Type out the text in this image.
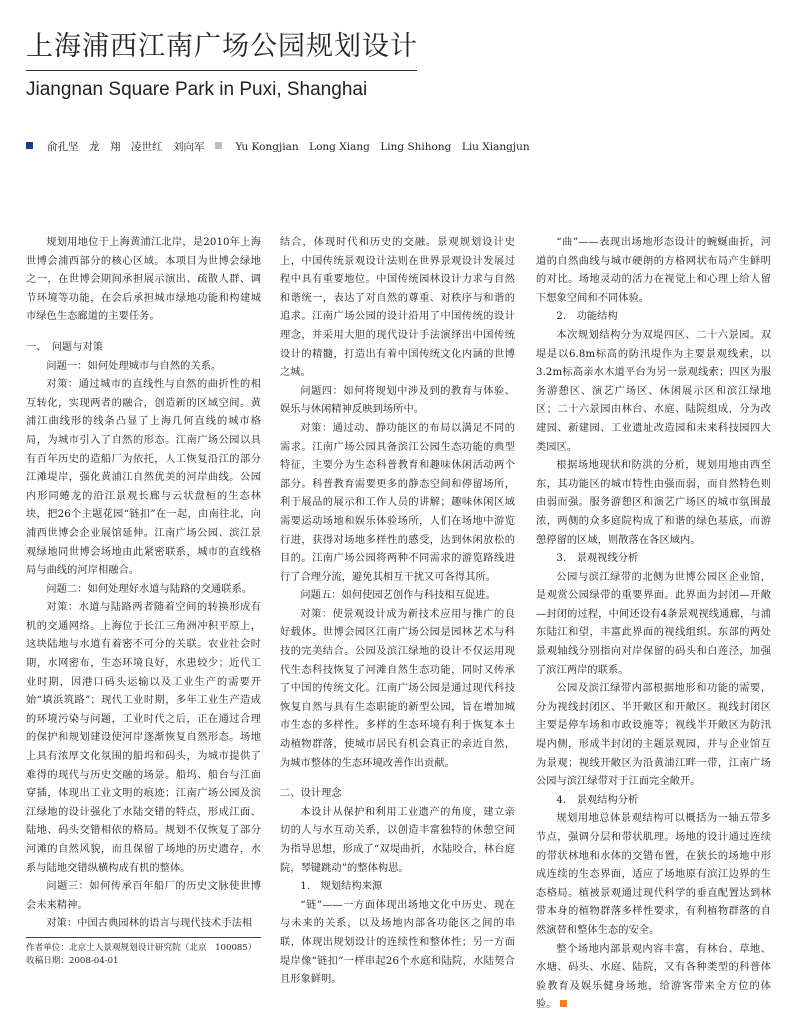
上海浦西江南广场公园规划设计
Jiangnan Square Park in Puxi, Shanghai
俞孔坚　龙　翔　凌世红　刘向军	Yu Kongjian　Long Xiang　Ling Shihong　Liu Xiangjun

规划用地位于上海黄浦江北岸，是2010年上海世博会浦西部分的核心区域。本项目为世博会绿地之一，在世博会期间承担展示演出、疏散人群、调节环境等功能，在会后承担城市绿地功能和构建城市绿色生态廊道的主要任务。

一、　问题与对策

问题一：如何处理城市与自然的关系。

对策：通过城市的直线性与自然的曲折性的相互转化，实现两者的融合，创造新的区域空间。黄浦江曲线形的线条凸显了上海几何直线的城市格局，为城市引入了自然的形态。江南广场公园以具有百年历史的造船厂为依托，人工恢复沿江的部分江滩堤岸，强化黄浦江自然优美的河岸曲线。公园内形同蜷龙的沿江景观长廊与云状盘桓的生态林块，把26个主题花园“链扣”在一起，由南往北，向浦西世博会企业展馆延伸。江南广场公园、滨江景观绿地同世博会场地由此紧密联系，城市的直线格局与曲线的河岸相融合。

问题二：如何处理好水道与陆路的交通联系。

对策：水道与陆路两者随着空间的转换形成有机的交通网络。上海位于长江三角洲冲积平原上，这块陆地与水道有着密不可分的关联。农业社会时期，水网密布，生态环境良好，水患较少；近代工业时期，因港口码头运输以及工业生产的需要开始“填浜筑路”；现代工业时期，多年工业生产造成的环境污染与问题，工业时代之后，正在通过合理的保护和规划建设使河岸逐渐恢复自然形态。场地上具有浓厚文化氛围的船坞和码头，为城市提供了难得的现代与历史交融的场景。船坞、船台与江面穿插，体现出工业文明的痕迹；江南广场公园及滨江绿地的设计强化了水陆交错的特点，形成江面、陆地、码头交错相依的格局。规划不仅恢复了部分河滩的自然风貌，而且保留了场地的历史遗存，水系与陆地交错纵横构成有机的整体。

问题三：如何传承百年船厂的历史文脉使世博会未来精神。

对策：中国古典园林的语言与现代技术手法相

结合，体现时代和历史的交融。景观规划设计史上，中国传统景观设计法则在世界景观设计发展过程中具有重要地位。中国传统园林设计力求与自然和谐统一，表达了对自然的尊重、对秩序与和谐的追求。江南广场公园的设计沿用了中国传统的设计理念，并采用大胆的现代设计手法演绎出中国传统设计的精髓，打造出有着中国传统文化内涵的世博之城。

问题四：如何将规划中涉及到的教育与体验、娱乐与休闲精神反映到场所中。

对策：通过动、静功能区的布局以满足不同的需求。江南广场公园具备滨江公园生态功能的典型特征，主要分为生态科普教育和趣味休闲活动两个部分。科普教育需要更多的静态空间和停留场所，利于展品的展示和工作人员的讲解；趣味休闲区域需要运动场地和娱乐体验场所，人们在场地中游览行进，获得对场地多样性的感受，达到休闲放松的目的。江南广场公园将两种不同需求的游览路线进行了合理分流，避免其相互干扰又可各得其所。

问题五：如何使园艺创作与科技相互促进。

对策：使景观设计成为新技术应用与推广的良好载体。世博会园区江南广场公园是园林艺术与科技的完美结合。公园及滨江绿地的设计不仅运用现代生态科技恢复了河滩自然生态功能，同时又传承了中国的传统文化。江南广场公园是通过现代科技恢复自然与具有生态职能的新型公园，旨在增加城市生态的多样性。多样的生态环境有利于恢复本土动植物群落，使城市居民有机会真正的亲近自然，为城市整体的生态环境改善作出贡献。

二、设计理念

本设计从保护和利用工业遗产的角度，建立亲切的人与水互动关系，以创造丰富独特的休憩空间为指导思想，形成了“双堤曲折，水陆咬合，林台庭院，琴键跳动”的整体构思。

1.　规划结构来源

“链”——一方面体现出场地文化中历史、现在与未来的关系，以及场地内部各功能区之间的串联，体现出规划设计的连续性和整体性；另一方面堤岸像“链扣”一样串起26个水庭和陆院，水陆契合且形象鲜明。

“曲”——表现出场地形态设计的蜿蜒曲折，河道的自然曲线与城市硬朗的方格网状布局产生鲜明的对比。场地灵动的活力在视觉上和心理上给人留下想象空间和不同体验。

2.　功能结构

本次规划结构分为双堤四区、二十六景园。双堤是以6.8m标高的防汛堤作为主要景观线索，以3.2m标高亲水木道平台为另一景观线索；四区为服务游憩区、演艺广场区、休闲展示区和滨江绿地区；二十六景园由林台、水庭、陆院组成，分为改建园、新建园、工业遗址改造园和未来科技园四大类园区。

根据场地现状和防洪的分析，规划用地由西至东，其功能区的城市特性由强而弱，而自然特色则由弱而强。服务游憩区和演艺广场区的城市氛围最浓，两侧的众多庭院构成了和谐的绿色基底，而游憩停留的区域，则散落在各区域内。

3.　景观视线分析

公园与滨江绿带的北侧为世博公园区企业馆，是观赏公园绿带的重要界面。此界面为封闭—开敞—封闭的过程，中间还设有4条景观视线通廊，与浦东陆江和望，丰富此界面的视线组织。东部的两处景观轴线分别指向对岸保留的码头和白莲泾，加强了滨江两岸的联系。

公园及滨江绿带内部根据地形和功能的需要，分为视线封闭区、半开敞区和开敞区。视线封闭区主要是停车场和市政设施等；视线半开敞区为防汛堤内侧，形成半封闭的主题景观园，并与企业馆互为景观；视线开敞区为沿黄浦江畔一带，江南广场公园与滨江绿带对于江面完全敞开。

4.　景观结构分析

规划用地总体景观结构可以概括为一轴五带多节点，强调分层和带状肌理。场地的设计通过连续的带状林地和水体的交错布置，在狭长的场地中形成连续的生态界面，适应了场地原有滨江边界的生态格局。植被景观通过现代科学的垂直配置达到林带本身的植物群落多样性要求，有利植物群落的自然演替和整体生态的安全。

整个场地内部景观内容丰富，有林台、草地、水塘、码头、水庭、陆院，又有各种类型的科普体验教育及娱乐健身场地，给游客带来全方位的体验。

作者单位：北京土人景观规划设计研究院（北京　100085）
收稿日期：2008-04-01
